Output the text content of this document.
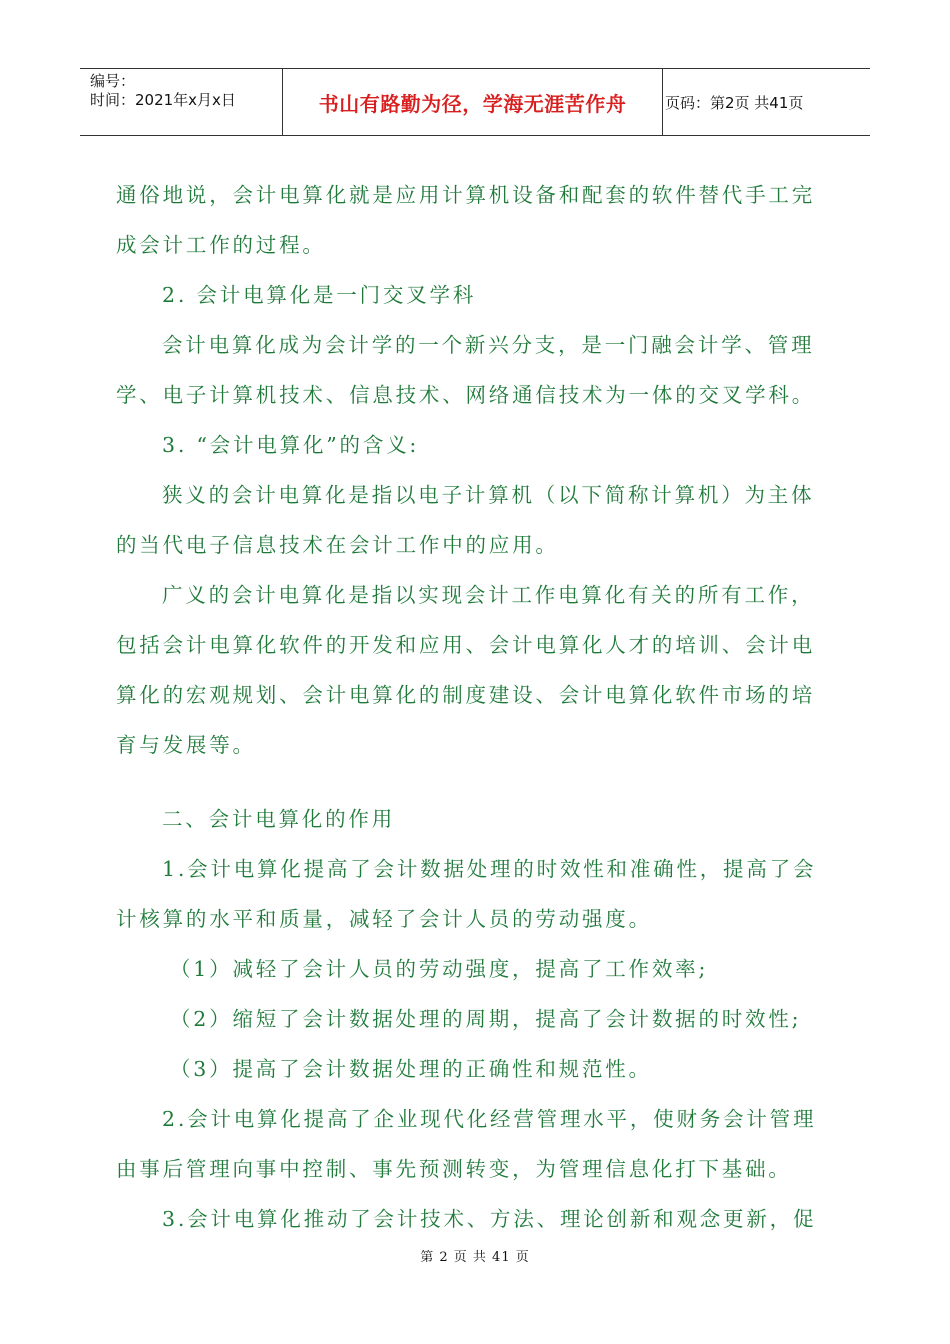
编号：
时间：2021年x月x日	书山有路勤为径，学海无涯苦作舟	页码：第2页 共41页

通俗地说，会计电算化就是应用计算机设备和配套的软件替代手工完

成会计工作的过程。

2. 会计电算化是一门交叉学科

会计电算化成为会计学的一个新兴分支，是一门融会计学、管理

学、电子计算机技术、信息技术、网络通信技术为一体的交叉学科。

3. “会计电算化”的含义:

狭义的会计电算化是指以电子计算机（以下简称计算机）为主体

的当代电子信息技术在会计工作中的应用。

广义的会计电算化是指以实现会计工作电算化有关的所有工作，

包括会计电算化软件的开发和应用、会计电算化人才的培训、会计电

算化的宏观规划、会计电算化的制度建设、会计电算化软件市场的培

育与发展等。

二、会计电算化的作用

1.会计电算化提高了会计数据处理的时效性和准确性，提高了会

计核算的水平和质量，减轻了会计人员的劳动强度。

（1）减轻了会计人员的劳动强度，提高了工作效率;

（2）缩短了会计数据处理的周期，提高了会计数据的时效性;

（3）提高了会计数据处理的正确性和规范性。

2.会计电算化提高了企业现代化经营管理水平，使财务会计管理

由事后管理向事中控制、事先预测转变，为管理信息化打下基础。

3.会计电算化推动了会计技术、方法、理论创新和观念更新，促

第 2 页 共 41 页
